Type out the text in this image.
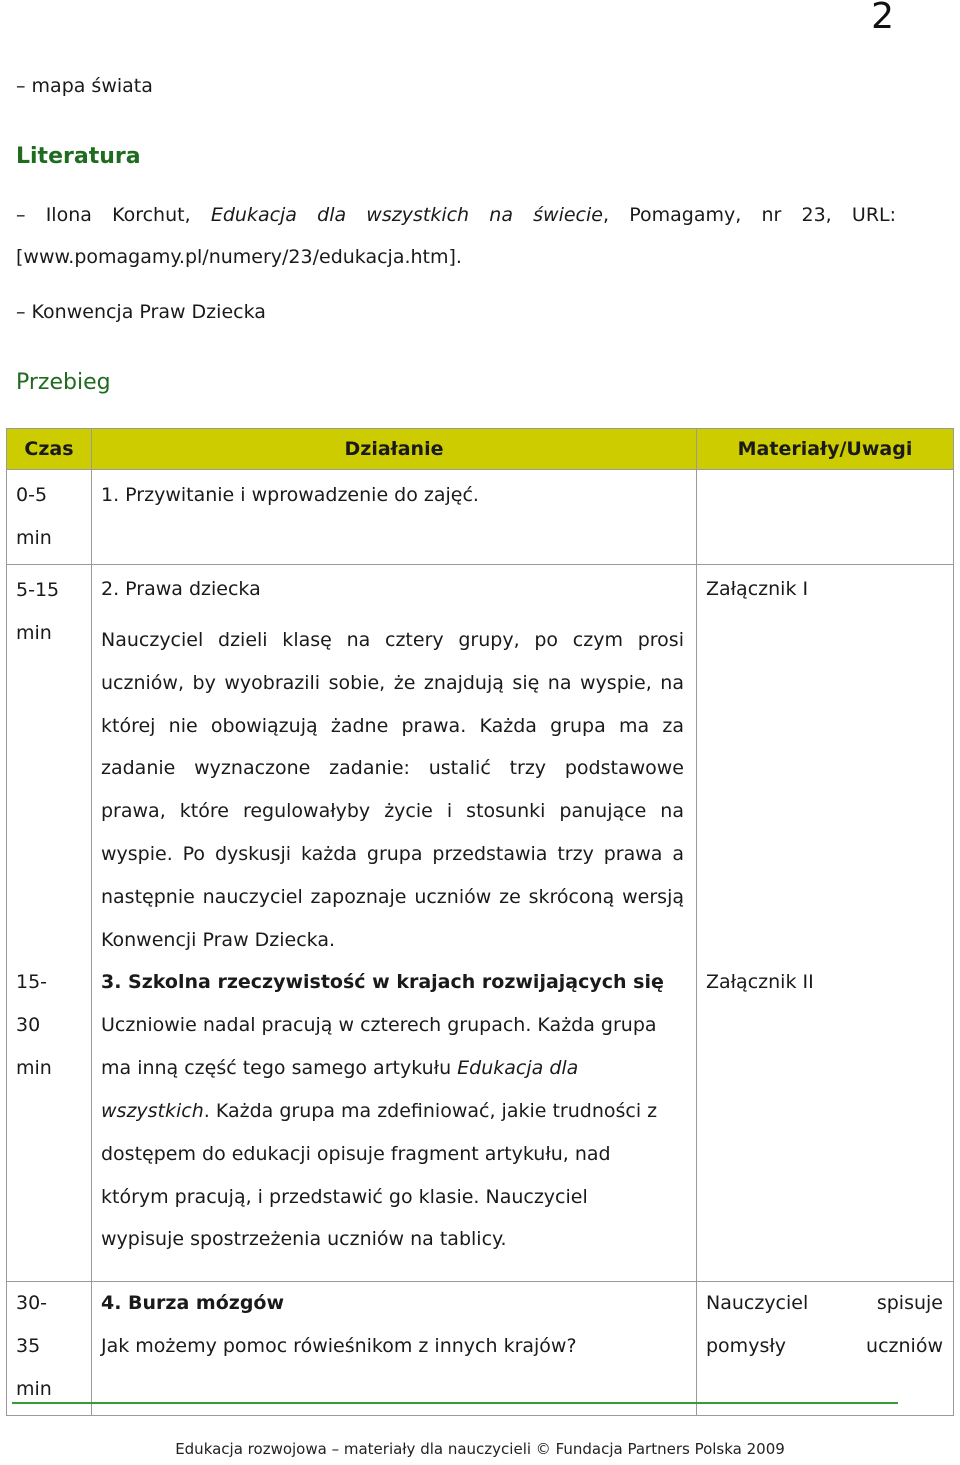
2
– mapa świata
Literatura
– Ilona Korchut, Edukacja dla wszystkich na świecie, Pomagamy, nr 23, URL:
[www.pomagamy.pl/numery/23/edukacja.htm].
– Konwencja Praw Dziecka
Przebieg
Czas	Działanie	Materiały/Uwagi

0-5 min	1. Przywitanie i wprowadzenie do zajęć.	

5-15 min	2. Prawa dziecka
Nauczyciel dzieli klasę na cztery grupy, po czym prosi uczniów, by wyobrazili sobie, że znajdują się na wyspie, na której nie obowiązują żadne prawa. Każda grupa ma za zadanie wyznaczone zadanie: ustalić trzy podstawowe prawa, które regulowałyby życie i stosunki panujące na wyspie. Po dyskusji każda grupa przedstawia trzy prawa a następnie nauczyciel zapoznaje uczniów ze skróconą wersją Konwencji Praw Dziecka.	Załącznik I

15-30 min	3. Szkolna rzeczywistość w krajach rozwijających się
Uczniowie nadal pracują w czterech grupach. Każda grupa ma inną część tego samego artykułu Edukacja dla wszystkich. Każda grupa ma zdefiniować, jakie trudności z dostępem do edukacji opisuje fragment artykułu, nad którym pracują, i przedstawić go klasie. Nauczyciel wypisuje spostrzeżenia uczniów na tablicy.	Załącznik II

30-35 min	4. Burza mózgów
Jak możemy pomoc rówieśnikom z innych krajów?	Nauczyciel spisuje pomysły uczniów
Edukacja rozwojowa – materiały dla nauczycieli © Fundacja Partners Polska 2009
